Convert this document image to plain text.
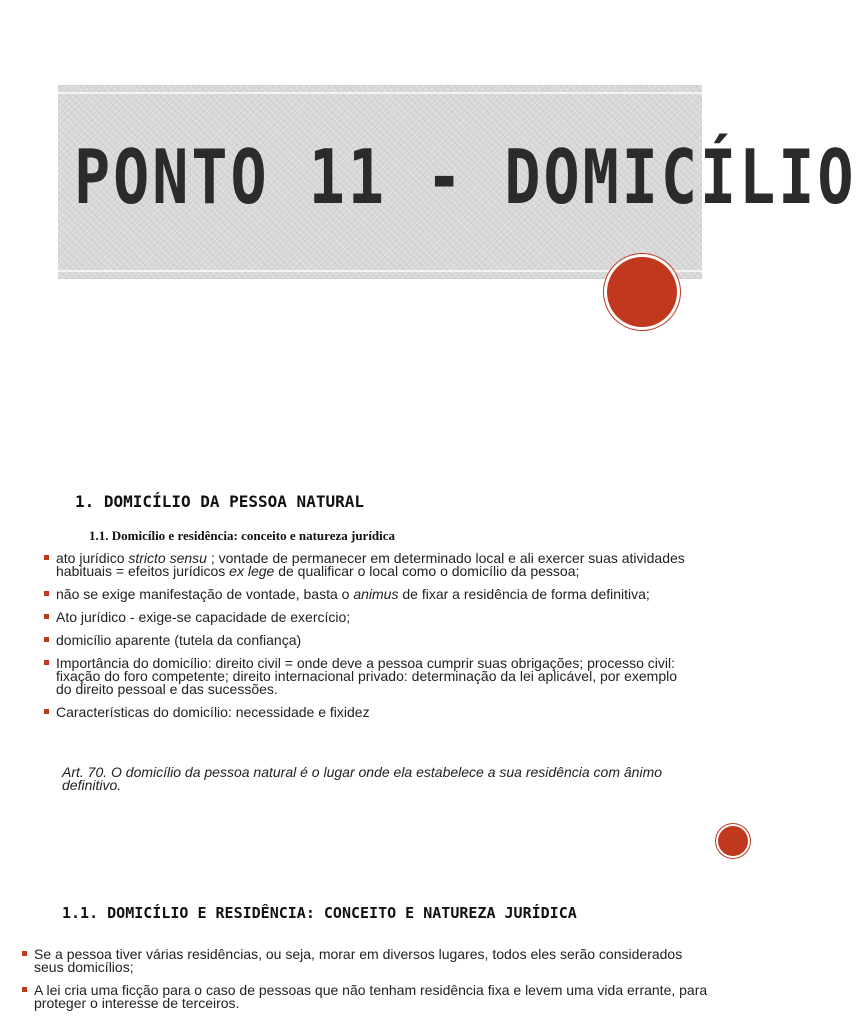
PONTO 11 - DOMICÍLIO
1. DOMICÍLIO DA PESSOA NATURAL

1.1. Domicílio e residência: conceito e natureza jurídica

ato jurídico stricto sensu ; vontade de permanecer em determinado local e ali exercer suas atividades habituais = efeitos jurídicos ex lege de qualificar o local como o domicílio da pessoa;
não se exige manifestação de vontade, basta o animus de fixar a residência de forma definitiva;
Ato jurídico - exige-se capacidade de exercício;
domicílio aparente (tutela da confiança)
Importância do domicílio: direito civil = onde deve a pessoa cumprir suas obrigações; processo civil: fixação do foro competente; direito internacional privado: determinação da lei aplicável, por exemplo do direito pessoal e das sucessões.
Características do domicílio: necessidade e fixidez

Art. 70. O domicílio da pessoa natural é o lugar onde ela estabelece a sua residência com ânimo definitivo.

1.1. DOMICÍLIO E RESIDÊNCIA: CONCEITO E NATUREZA JURÍDICA
Se a pessoa tiver várias residências, ou seja, morar em diversos lugares, todos eles serão considerados seus domicílios;
A lei cria uma ficção para o caso de pessoas que não tenham residência fixa e levem uma vida errante, para proteger o interesse de terceiros.
